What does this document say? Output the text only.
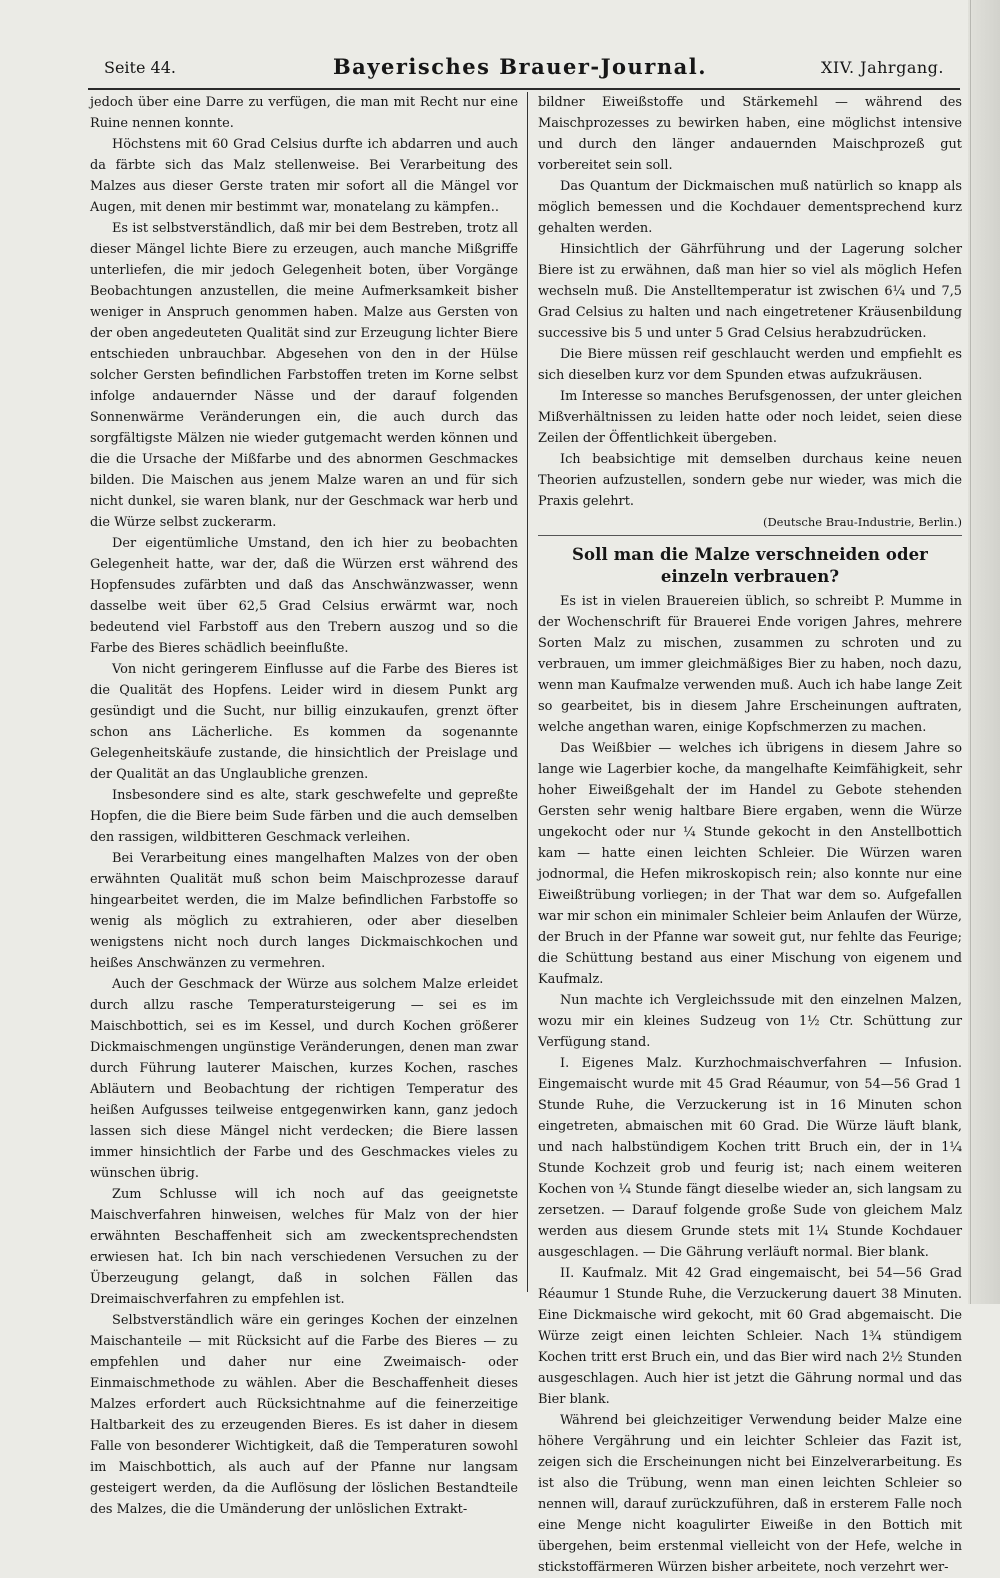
Seite 44.	Bayerisches Brauer-Journal.	XIV. Jahrgang.

jedoch über eine Darre zu verfügen, die man mit Recht nur eine Ruine nennen konnte.

Höchstens mit 60 Grad Celsius durfte ich abdarren und auch da färbte sich das Malz stellenweise. Bei Verarbeitung des Malzes aus dieser Gerste traten mir sofort all die Mängel vor Augen, mit denen mir bestimmt war, monatelang zu kämpfen..

Es ist selbstverständlich, daß mir bei dem Bestreben, trotz all dieser Mängel lichte Biere zu erzeugen, auch manche Mißgriffe unterliefen, die mir jedoch Gelegenheit boten, über Vorgänge Beobachtungen anzustellen, die meine Aufmerksamkeit bisher weniger in Anspruch genommen haben. Malze aus Gersten von der oben angedeuteten Qualität sind zur Erzeugung lichter Biere entschieden unbrauchbar. Abgesehen von den in der Hülse solcher Gersten befindlichen Farbstoffen treten im Korne selbst infolge andauernder Nässe und der darauf folgenden Sonnenwärme Veränderungen ein, die auch durch das sorgfältigste Mälzen nie wieder gutgemacht werden können und die die Ursache der Mißfarbe und des abnormen Geschmackes bilden. Die Maischen aus jenem Malze waren an und für sich nicht dunkel, sie waren blank, nur der Geschmack war herb und die Würze selbst zuckerarm.

Der eigentümliche Umstand, den ich hier zu beobachten Gelegenheit hatte, war der, daß die Würzen erst während des Hopfensudes zufärbten und daß das Anschwänzwasser, wenn dasselbe weit über 62,5 Grad Celsius erwärmt war, noch bedeutend viel Farbstoff aus den Trebern auszog und so die Farbe des Bieres schädlich beeinflußte.

Von nicht geringerem Einflusse auf die Farbe des Bieres ist die Qualität des Hopfens. Leider wird in diesem Punkt arg gesündigt und die Sucht, nur billig einzukaufen, grenzt öfter schon ans Lächerliche. Es kommen da sogenannte Gelegenheitskäufe zustande, die hinsichtlich der Preislage und der Qualität an das Unglaubliche grenzen.

Insbesondere sind es alte, stark geschwefelte und gepreßte Hopfen, die die Biere beim Sude färben und die auch demselben den rassigen, wildbitteren Geschmack verleihen.

Bei Verarbeitung eines mangelhaften Malzes von der oben erwähnten Qualität muß schon beim Maischprozesse darauf hingearbeitet werden, die im Malze befindlichen Farbstoffe so wenig als möglich zu extrahieren, oder aber dieselben wenigstens nicht noch durch langes Dickmaischkochen und heißes Anschwänzen zu vermehren.

Auch der Geschmack der Würze aus solchem Malze erleidet durch allzu rasche Temperatursteigerung — sei es im Maischbottich, sei es im Kessel, und durch Kochen größerer Dickmaischmengen ungünstige Veränderungen, denen man zwar durch Führung lauterer Maischen, kurzes Kochen, rasches Abläutern und Beobachtung der richtigen Temperatur des heißen Aufgusses teilweise entgegenwirken kann, ganz jedoch lassen sich diese Mängel nicht verdecken; die Biere lassen immer hinsichtlich der Farbe und des Geschmackes vieles zu wünschen übrig.

Zum Schlusse will ich noch auf das geeignetste Maischverfahren hinweisen, welches für Malz von der hier erwähnten Beschaffenheit sich am zweckentsprechendsten erwiesen hat. Ich bin nach verschiedenen Versuchen zu der Überzeugung gelangt, daß in solchen Fällen das Dreimaischverfahren zu empfehlen ist.

Selbstverständlich wäre ein geringes Kochen der einzelnen Maischanteile — mit Rücksicht auf die Farbe des Bieres — zu empfehlen und daher nur eine Zweimaisch- oder Einmaischmethode zu wählen. Aber die Beschaffenheit dieses Malzes erfordert auch Rücksichtnahme auf die feinerzeitige Haltbarkeit des zu erzeugenden Bieres. Es ist daher in diesem Falle von besonderer Wichtigkeit, daß die Temperaturen sowohl im Maischbottich, als auch auf der Pfanne nur langsam gesteigert werden, da die Auflösung der löslichen Bestandteile des Malzes, die die Umänderung der unlöslichen Extrakt-

bildner Eiweißstoffe und Stärkemehl — während des Maischprozesses zu bewirken haben, eine möglichst intensive und durch den länger andauernden Maischprozeß gut vorbereitet sein soll.

Das Quantum der Dickmaischen muß natürlich so knapp als möglich bemessen und die Kochdauer dementsprechend kurz gehalten werden.

Hinsichtlich der Gährführung und der Lagerung solcher Biere ist zu erwähnen, daß man hier so viel als möglich Hefen wechseln muß. Die Anstelltemperatur ist zwischen 6¼ und 7,5 Grad Celsius zu halten und nach eingetretener Kräusenbildung successive bis 5 und unter 5 Grad Celsius herabzudrücken.

Die Biere müssen reif geschlaucht werden und empfiehlt es sich dieselben kurz vor dem Spunden etwas aufzukräusen.

Im Interesse so manches Berufsgenossen, der unter gleichen Mißverhältnissen zu leiden hatte oder noch leidet, seien diese Zeilen der Öffentlichkeit übergeben.

Ich beabsichtige mit demselben durchaus keine neuen Theorien aufzustellen, sondern gebe nur wieder, was mich die Praxis gelehrt.

(Deutsche Brau-Industrie, Berlin.)

Soll man die Malze verschneiden oder einzeln verbrauen?

Es ist in vielen Brauereien üblich, so schreibt P. Mumme in der Wochenschrift für Brauerei Ende vorigen Jahres, mehrere Sorten Malz zu mischen, zusammen zu schroten und zu verbrauen, um immer gleichmäßiges Bier zu haben, noch dazu, wenn man Kaufmalze verwenden muß. Auch ich habe lange Zeit so gearbeitet, bis in diesem Jahre Erscheinungen auftraten, welche angethan waren, einige Kopfschmerzen zu machen.

Das Weißbier — welches ich übrigens in diesem Jahre so lange wie Lagerbier koche, da mangelhafte Keimfähigkeit, sehr hoher Eiweißgehalt der im Handel zu Gebote stehenden Gersten sehr wenig haltbare Biere ergaben, wenn die Würze ungekocht oder nur ¼ Stunde gekocht in den Anstellbottich kam — hatte einen leichten Schleier. Die Würzen waren jodnormal, die Hefen mikroskopisch rein; also konnte nur eine Eiweißtrübung vorliegen; in der That war dem so. Aufgefallen war mir schon ein minimaler Schleier beim Anlaufen der Würze, der Bruch in der Pfanne war soweit gut, nur fehlte das Feurige; die Schüttung bestand aus einer Mischung von eigenem und Kaufmalz.

Nun machte ich Vergleichssude mit den einzelnen Malzen, wozu mir ein kleines Sudzeug von 1½ Ctr. Schüttung zur Verfügung stand.

I. Eigenes Malz. Kurzhochmaischverfahren — Infusion. Eingemaischt wurde mit 45 Grad Réaumur, von 54—56 Grad 1 Stunde Ruhe, die Verzuckerung ist in 16 Minuten schon eingetreten, abmaischen mit 60 Grad. Die Würze läuft blank, und nach halbstündigem Kochen tritt Bruch ein, der in 1¼ Stunde Kochzeit grob und feurig ist; nach einem weiteren Kochen von ¼ Stunde fängt dieselbe wieder an, sich langsam zu zersetzen. — Darauf folgende große Sude von gleichem Malz werden aus diesem Grunde stets mit 1¼ Stunde Kochdauer ausgeschlagen. — Die Gährung verläuft normal. Bier blank.

II. Kaufmalz. Mit 42 Grad eingemaischt, bei 54—56 Grad Réaumur 1 Stunde Ruhe, die Verzuckerung dauert 38 Minuten. Eine Dickmaische wird gekocht, mit 60 Grad abgemaischt. Die Würze zeigt einen leichten Schleier. Nach 1¾ stündigem Kochen tritt erst Bruch ein, und das Bier wird nach 2½ Stunden ausgeschlagen. Auch hier ist jetzt die Gährung normal und das Bier blank.

Während bei gleichzeitiger Verwendung beider Malze eine höhere Vergährung und ein leichter Schleier das Fazit ist, zeigen sich die Erscheinungen nicht bei Einzelverarbeitung. Es ist also die Trübung, wenn man einen leichten Schleier so nennen will, darauf zurückzuführen, daß in ersterem Falle noch eine Menge nicht koagulirter Eiweiße in den Bottich mit übergehen, beim erstenmal vielleicht von der Hefe, welche in stickstoffärmeren Würzen bisher arbeitete, noch verzehrt wer-
